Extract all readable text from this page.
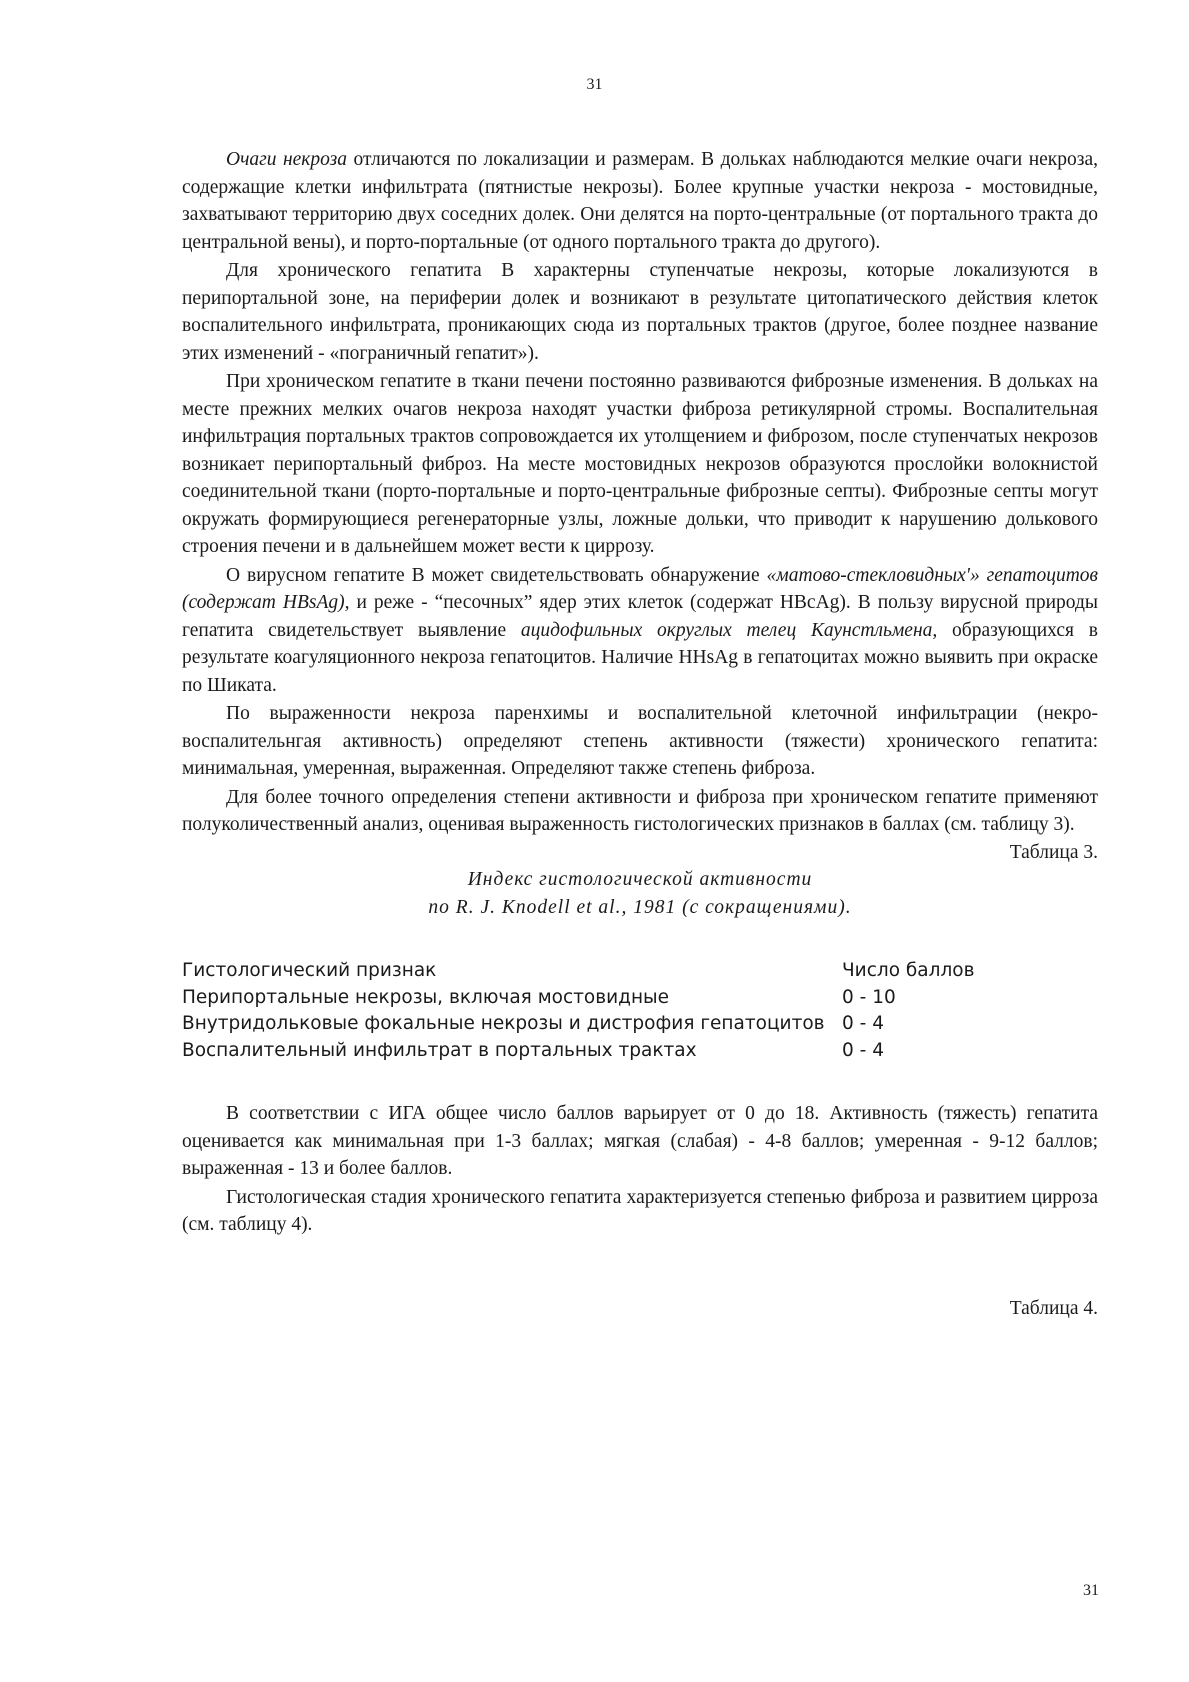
31

Очаги некроза отличаются по локализации и размерам. В дольках наблюдаются мелкие очаги некроза, содержащие клетки инфильтрата (пятнистые некрозы). Более крупные участки некроза - мостовидные, захватывают территорию двух соседних долек. Они делятся на порто-центральные (от портального тракта до центральной вены), и порто-портальные (от одного портального тракта до другого).

Для хронического гепатита В характерны ступенчатые некрозы, которые локализуются в перипортальной зоне, на периферии долек и возникают в результате цитопатического действия клеток воспалительного инфильтрата, проникающих сюда из портальных трактов (другое, более позднее название этих изменений - «пограничный гепатит»).

При хроническом гепатите в ткани печени постоянно развиваются фиброзные изменения. В дольках на месте прежних мелких очагов некроза находят участки фиброза ретикулярной стромы. Воспалительная инфильтрация портальных трактов сопровождается их утолщением и фиброзом, после ступенчатых некрозов возникает перипортальный фиброз. На месте мостовидных некрозов образуются прослойки волокнистой соединительной ткани (порто-портальные и порто-центральные фиброзные септы). Фиброзные септы могут окружать формирующиеся регенераторные узлы, ложные дольки, что приводит к нарушению долькового строения печени и в дальнейшем может вести к циррозу.

О вирусном гепатите В может свидетельствовать обнаружение «матово-стекловидных'» гепатоцитов (содержат HBsAg), и реже - “песочных” ядер этих клеток (содержат HBcAg). В пользу вирусной природы гепатита свидетельствует выявление ацидофильных округлых телец Каунстльмена, образующихся в результате коагуляционного некроза гепатоцитов. Наличие HHsAg в гепатоцитах можно выявить при окраске по Шиката.

По выраженности некроза паренхимы и воспалительной клеточной инфильтрации (некро-воспалительнгая активность) определяют степень активности (тяжести) хронического гепатита: минимальная, умеренная, выраженная. Определяют также степень фиброза.

Для более точного определения степени активности и фиброза при хроническом гепатите применяют полуколичественный анализ, оценивая выраженность гистологических признаков в баллах (см. таблицу 3).

Таблица 3.
Индекс гистологической активности
по R. J. Knodell et al., 1981 (с сокращениями).
Гистологический признак	Число баллов
Перипортальные некрозы, включая мостовидные	0 - 10
Внутридольковые фокальные некрозы и дистрофия гепатоцитов	0 - 4
Воспалительный инфильтрат в портальных трактах	0 - 4

В соответствии с ИГА общее число баллов варьирует от 0 до 18. Активность (тяжесть) гепатита оценивается как минимальная при 1-3 баллах; мягкая (слабая) - 4-8 баллов; умеренная - 9-12 баллов; выраженная - 13 и более баллов.

Гистологическая стадия хронического гепатита характеризуется степенью фиброза и развитием цирроза (см. таблицу 4).

Таблица 4.
31
